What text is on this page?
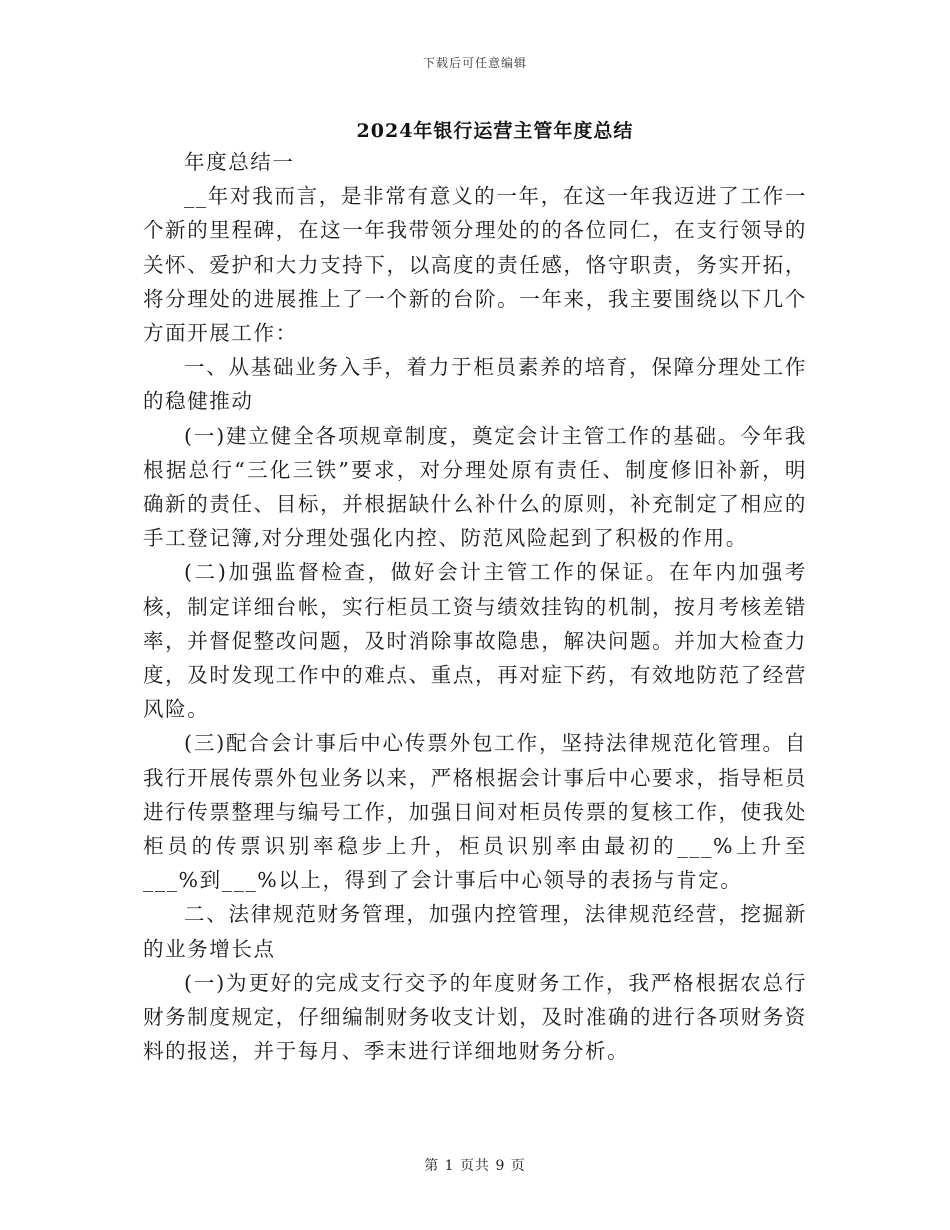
下载后可任意编辑
2024年银行运营主管年度总结

年度总结一

__年对我而言，是非常有意义的一年，在这一年我迈进了工作一个新的里程碑，在这一年我带领分理处的的各位同仁，在支行领导的关怀、爱护和大力支持下，以高度的责任感，恪守职责，务实开拓，将分理处的进展推上了一个新的台阶。一年来，我主要围绕以下几个方面开展工作：

一、从基础业务入手，着力于柜员素养的培育，保障分理处工作的稳健推动

(一)建立健全各项规章制度，奠定会计主管工作的基础。今年我根据总行“三化三铁”要求，对分理处原有责任、制度修旧补新，明确新的责任、目标，并根据缺什么补什么的原则，补充制定了相应的手工登记簿,对分理处强化内控、防范风险起到了积极的作用。

(二)加强监督检查，做好会计主管工作的保证。在年内加强考核，制定详细台帐，实行柜员工资与绩效挂钩的机制，按月考核差错率，并督促整改问题，及时消除事故隐患，解决问题。并加大检查力度，及时发现工作中的难点、重点，再对症下药，有效地防范了经营风险。

(三)配合会计事后中心传票外包工作，坚持法律规范化管理。自我行开展传票外包业务以来，严格根据会计事后中心要求，指导柜员进行传票整理与编号工作，加强日间对柜员传票的复核工作，使我处柜员的传票识别率稳步上升，柜员识别率由最初的___%上升至___%到___%以上，得到了会计事后中心领导的表扬与肯定。

二、法律规范财务管理，加强内控管理，法律规范经营，挖掘新的业务增长点

(一)为更好的完成支行交予的年度财务工作，我严格根据农总行财务制度规定，仔细编制财务收支计划，及时准确的进行各项财务资料的报送，并于每月、季末进行详细地财务分析。

第 1 页共 9 页
